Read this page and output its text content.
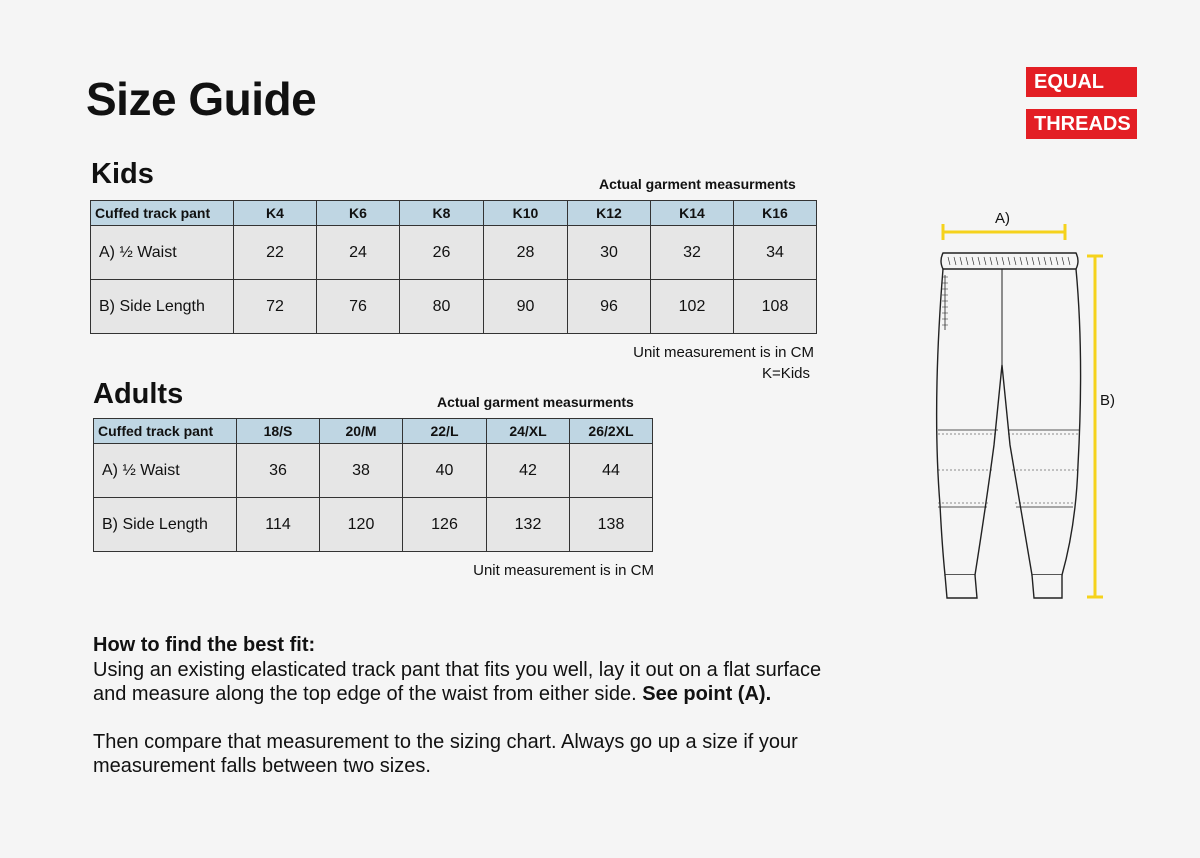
Size Guide	EQUAL
THREADS
Kids	Actual garment measurments
Cuffed track pant	K4	K6	K8	K10	K12	K14	K16
A) ½ Waist	22	24	26	28	30	32	34
B) Side Length	72	76	80	90	96	102	108
Unit measurement is in CM
K=Kids
Adults	Actual garment measurments
Cuffed track pant	18/S	20/M	22/L	24/XL	26/2XL
A) ½ Waist	36	38	40	42	44
B) Side Length	114	120	126	132	138
Unit measurement is in CM
A)
B)
How to find the best fit:
Using an existing elasticated track pant that fits you well, lay it out on a flat surface
and measure along the top edge of the waist from either side. See point (A).
Then compare that measurement to the sizing chart. Always go up a size if your
measurement falls between two sizes.
